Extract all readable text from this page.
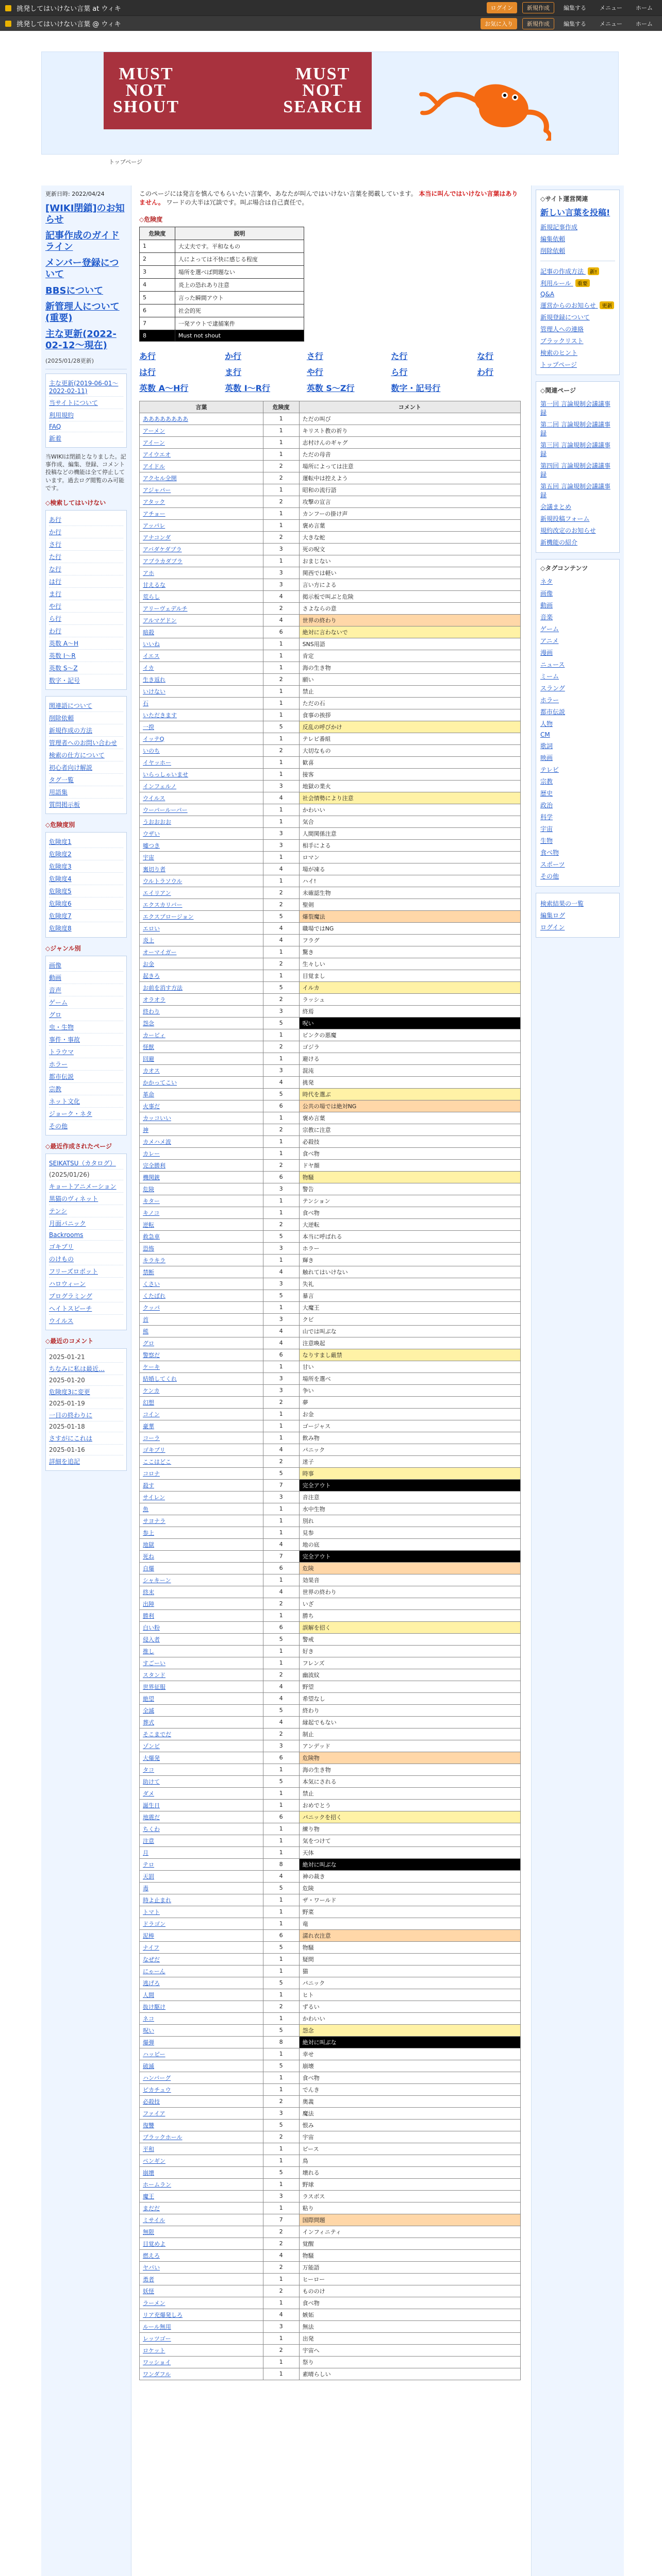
挑発してはいけない言葉 at ウィキ	ログイン	新規作成	編集する	メニュー	ホーム
挑発してはいけない言葉 @ ウィキ	お気に入り	新規作成	編集する	メニュー	ホーム
MUST
NOT
SHOUT
MUST
NOT
SEARCH
トップページ
更新日時: 2022/04/24
[WIKI閉鎖]のお知らせ
記事作成のガイドライン
メンバー登録について
BBSについて
新管理人について(重要)
主な更新(2022-02-12〜現在)
(2025/01/28更新)
主な更新(2019-06-01〜2022-02-11)
当サイトについて
利用規約
FAQ
新着
当WIKIは閉鎖となりました。記事作成、編集、登録、コメント投稿などの機能は全て停止しています。過去ログ閲覧のみ可能です。
◇検索してはいけない
あ行
か行
さ行
た行
な行
は行
ま行
や行
ら行
わ行
英数 A〜H
英数 I〜R
英数 S〜Z
数字・記号
関連語について
削除依頼
新規作成の方法
管理者へのお問い合わせ
検索の仕方について
初心者向け解説
タグ一覧
用語集
質問掲示板
◇危険度別
危険度1
危険度2
危険度3
危険度4
危険度5
危険度6
危険度7
危険度8
◇ジャンル別
画像
動画
音声
ゲーム
グロ
虫・生物
事件・事故
トラウマ
ホラー
都市伝説
宗教
ネット文化
ジョーク・ネタ
その他
◇最近作成されたページ
SEIKATSU（カタログ）
(2025/01/26)
キョートアニメーション
黒猫のヴィネット
テンシ
月面パニック
Backrooms
ゴキブリ
のけもの
フリーズロボット
ハロウィーン
プログラミング
ヘイトスピーチ
ウイルス
◇最近のコメント
2025-01-21
ちなみに私は最近…
2025-01-20
危険度3に変更
2025-01-19
一日の終わりに
2025-01-18
さすがにこれは
2025-01-16
詳細を追記
このページには発言を慎んでもらいたい言葉や、あなたが叫んではいけない言葉を掲載しています。 本当に叫んではいけない言葉はありません。 ワードの大半は冗談です。叫ぶ場合は自己責任で。
◇危険度
危険度	説明
1	大丈夫です。平和なもの
2	人によっては不快に感じる程度
3	場所を選べば問題ない
4	炎上の恐れあり注意
5	言った瞬間アウト
6	社会的死
7	一発アウトで逮捕案件
8	Must not shout
あ行	か行	さ行	た行	な行
は行	ま行	や行	ら行	わ行
英数 A〜H行	英数 I〜R行	英数 S〜Z行	数字・記号行
言葉	危険度	コメント
ああああああああ	1	ただの叫び
アーメン	1	キリスト教の祈り
アイーン	1	志村けんのギャグ
アイウエオ	1	ただの母音
アイドル	2	場所によっては注意
アクセル全開	2	運転中は控えよう
アジャパー	1	昭和の流行語
アタック	2	攻撃の宣言
アチョー	1	カンフーの掛け声
アッパレ	1	褒め言葉
アナコンダ	2	大きな蛇
アバダケダブラ	3	死の呪文
アブラカダブラ	1	おまじない
アホ	3	関西では軽い
甘えるな	3	言い方による
荒らし	4	掲示板で叫ぶと危険
アリーヴェデルチ	2	さよならの意
アルマゲドン	4	世界の終わり
暗殺	6	絶対に言わないで
いいね	1	SNS用語
イエス	1	肯定
イカ	1	海の生き物
生き返れ	2	願い
いけない	1	禁止
石	1	ただの石
いただきます	1	食事の挨拶
一揆	5	反乱の呼びかけ
イッテQ	1	テレビ番組
いのち	2	大切なもの
イヤッホー	1	歓喜
いらっしゃいませ	1	接客
インフェルノ	3	地獄の業火
ウイルス	4	社会情勢により注意
ウーパールーパー	1	かわいい
うおおおお	1	気合
ウザい	3	人間関係注意
嘘つき	3	相手による
宇宙	1	ロマン
裏切り者	4	場が凍る
ウルトラソウル	1	ハイ!
エイリアン	2	未確認生物
エクスカリバー	2	聖剣
エクスプロージョン	5	爆裂魔法
エロい	4	職場ではNG
炎上	4	フラグ
オーマイガー	1	驚き
お金	2	生々しい
起きろ	1	目覚まし
お前を消す方法	5	イルカ
オラオラ	2	ラッシュ
終わり	3	終焉
怨念	5	呪い
カービィ	1	ピンクの悪魔
怪獣	2	ゴジラ
回避	1	避ける
カオス	3	混沌
かかってこい	4	挑発
革命	5	時代を選ぶ
火事だ	6	公共の場では絶対NG
カッコいい	1	褒め言葉
神	2	宗教に注意
カメハメ波	1	必殺技
カレー	1	食べ物
完全勝利	2	ドヤ顔
機関銃	6	物騒
危険	3	警告
キター	1	テンション
キノコ	1	食べ物
逆転	2	大逆転
救急車	5	本当に呼ばれる
恐怖	3	ホラー
キラキラ	1	輝き
禁断	4	触れてはいけない
くさい	3	失礼
くたばれ	5	暴言
クッパ	1	大魔王
首	3	クビ
熊	4	山では叫ぶな
グロ	4	注意喚起
警察だ	6	なりすまし厳禁
ケーキ	1	甘い
結婚してくれ	3	場所を選べ
ケンカ	3	争い
幻想	2	夢
コイン	1	お金
豪華	1	ゴージャス
コーラ	1	飲み物
ゴキブリ	4	パニック
ここはどこ	2	迷子
コロナ	5	時事
殺す	7	完全アウト
サイレン	3	音注意
魚	1	水中生物
サヨナラ	1	別れ
参上	1	見参
地獄	4	地の底
死ね	7	完全アウト
自爆	6	危険
シャキーン	1	効果音
終末	4	世界の終わり
出陣	2	いざ
勝利	1	勝ち
白い粉	6	誤解を招く
侵入者	5	警戒
推し	1	好き
すごーい	1	フレンズ
スタンド	2	幽波紋
世界征服	4	野望
絶望	4	希望なし
全滅	5	終わり
葬式	4	縁起でもない
そこまでだ	2	制止
ゾンビ	3	アンデッド
大爆発	6	危険物
タコ	1	海の生き物
助けて	5	本気にされる
ダメ	1	禁止
誕生日	1	おめでとう
地震だ	6	パニックを招く
ちくわ	1	練り物
注意	1	気をつけて
月	1	天体
テロ	8	絶対に叫ぶな
天罰	4	神の裁き
毒	5	危険
時よ止まれ	1	ザ・ワールド
トマト	1	野菜
ドラゴン	1	竜
泥棒	6	濡れ衣注意
ナイフ	5	物騒
なぜだ	1	疑問
にゃーん	1	猫
逃げろ	5	パニック
人間	1	ヒト
抜け駆け	2	ずるい
ネコ	1	かわいい
呪い	5	怨念
爆弾	8	絶対に叫ぶな
ハッピー	1	幸せ
破滅	5	崩壊
ハンバーグ	1	食べ物
ピカチュウ	1	でんき
必殺技	2	奥義
ファイア	3	魔法
復讐	5	恨み
ブラックホール	2	宇宙
平和	1	ピース
ペンギン	1	鳥
崩壊	5	壊れる
ホームラン	1	野球
魔王	3	ラスボス
まだだ	1	粘り
ミサイル	7	国際問題
無限	2	インフィニティ
目覚めよ	2	覚醒
燃えろ	4	物騒
ヤバい	2	万能語
勇者	1	ヒーロー
妖怪	2	もののけ
ラーメン	1	食べ物
リア充爆発しろ	4	嫉妬
ルール無用	3	無法
レッツゴー	1	出発
ロケット	2	宇宙へ
ワッショイ	1	祭り
ワンダフル	1	素晴らしい
◇サイト運営関連
新しい言葉を投稿!
新規記事作成
編集依頼
削除依頼
記事の作成方法 新!
利用ルール 重要
Q&A
運営からのお知らせ 更新
新規登録について
管理人への連絡
ブラックリスト
検索のヒント
トップページ
◇関連ページ
第一回 言論規制会議議事録
第二回 言論規制会議議事録
第三回 言論規制会議議事録
第四回 言論規制会議議事録
第五回 言論規制会議議事録
会議まとめ
新規投稿フォーム
規約改定のお知らせ
新機能の紹介
◇タグコンテンツ
ネタ
画像
動画
音楽
ゲーム
アニメ
漫画
ニュース
ミーム
スラング
ホラー
都市伝説
人物
CM
歌詞
映画
テレビ
宗教
歴史
政治
科学
宇宙
生物
食べ物
スポーツ
その他
検索結果の一覧
編集ログ
ログイン
